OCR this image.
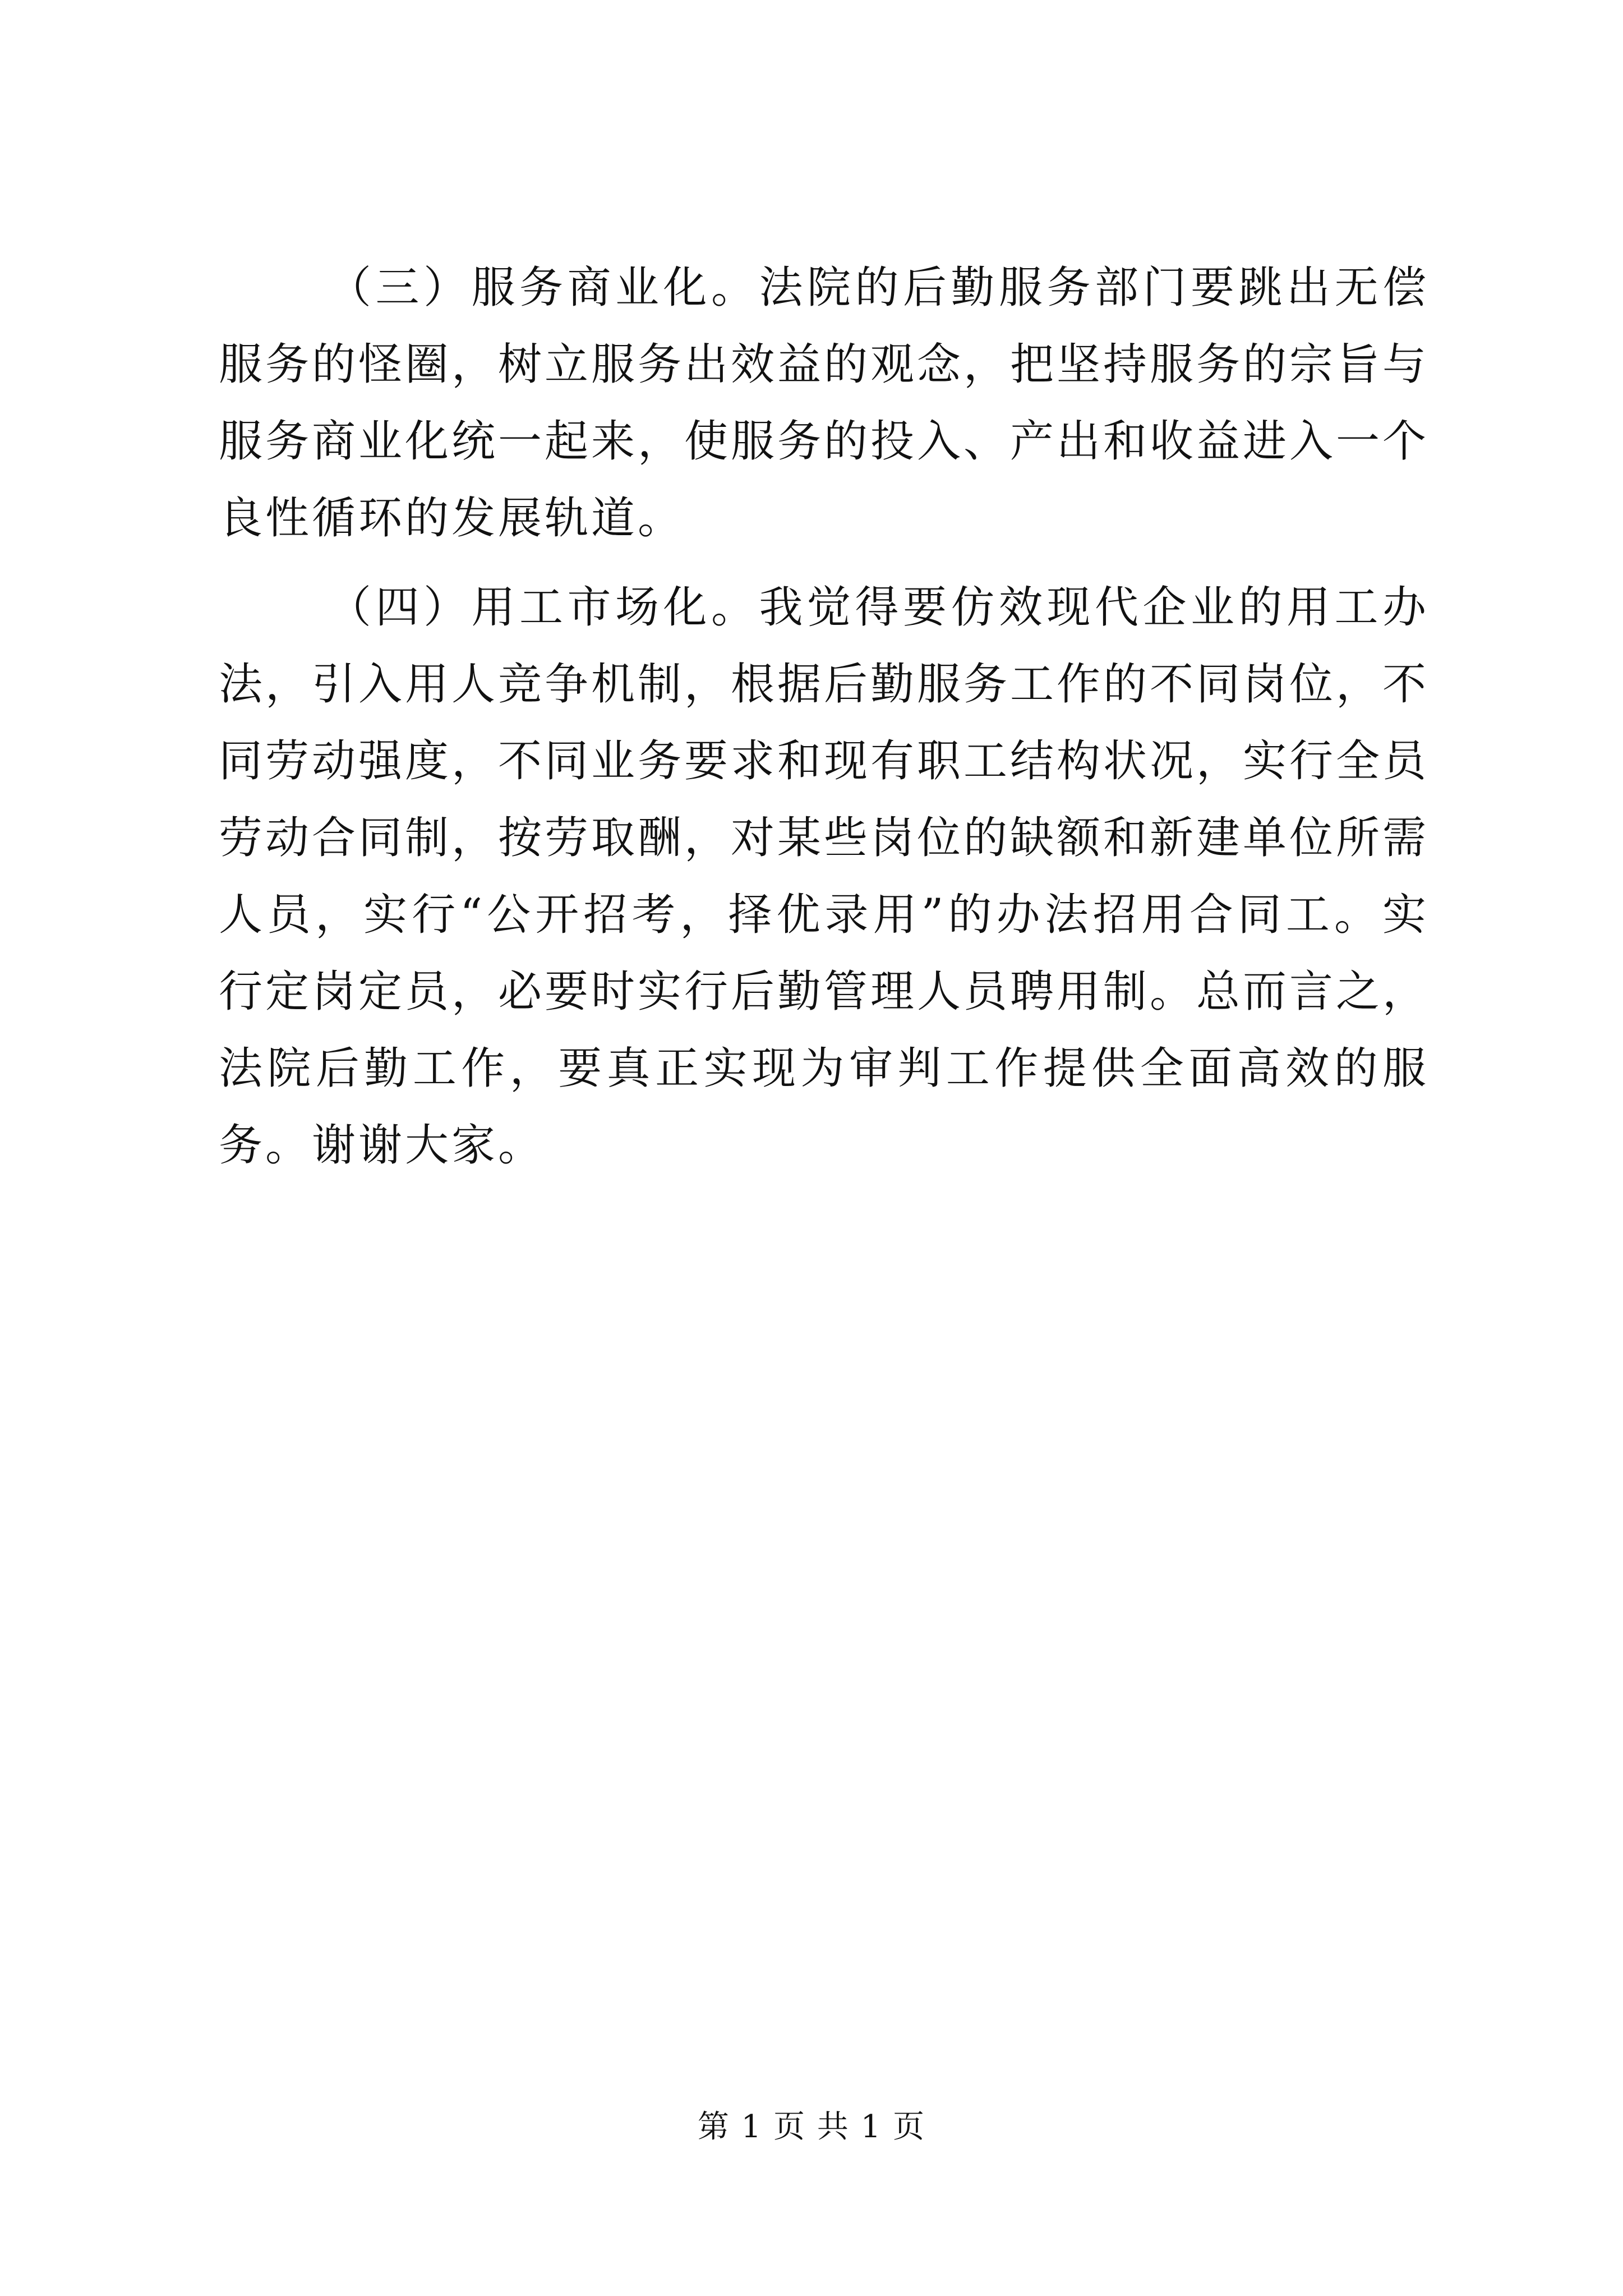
（三）服务商业化。法院的后勤服务部门要跳出无偿服务的怪圈，树立服务出效益的观念，把坚持服务的宗旨与服务商业化统一起来，使服务的投入、产出和收益进入一个良性循环的发展轨道。

（四）用工市场化。我觉得要仿效现代企业的用工办法，引入用人竞争机制，根据后勤服务工作的不同岗位，不同劳动强度，不同业务要求和现有职工结构状况，实行全员劳动合同制，按劳取酬，对某些岗位的缺额和新建单位所需人员，实行“公开招考，择优录用”的办法招用合同工。实行定岗定员，必要时实行后勤管理人员聘用制。总而言之，法院后勤工作，要真正实现为审判工作提供全面高效的服务。谢谢大家。

第 1 页 共 1 页
